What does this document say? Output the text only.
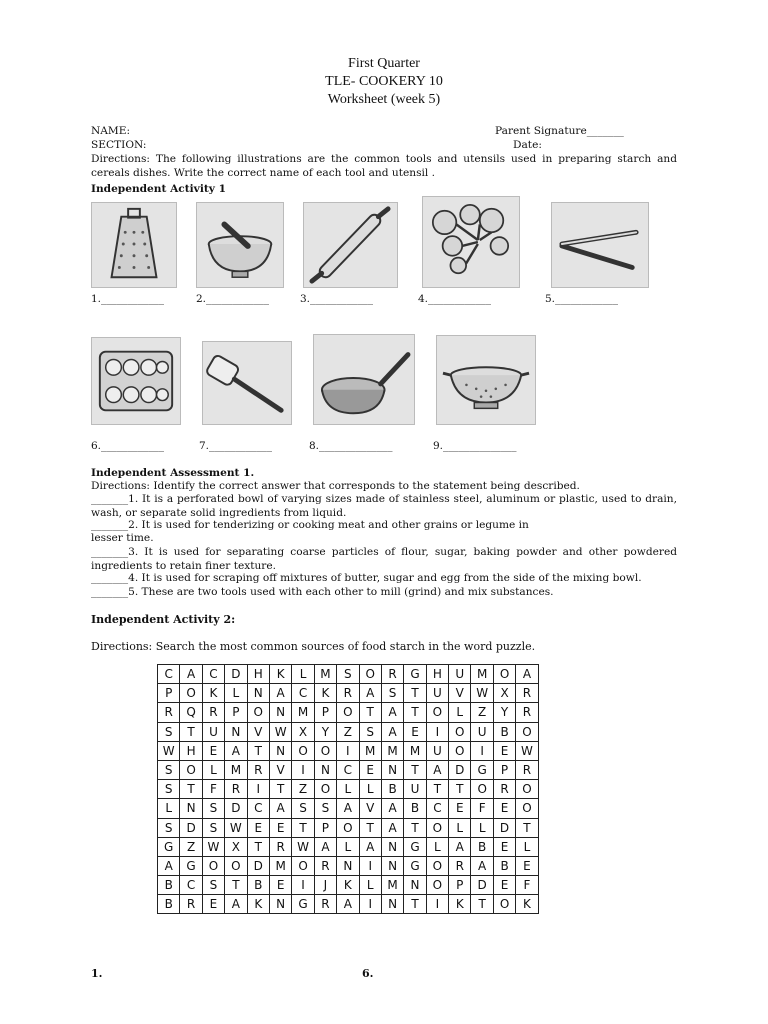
First Quarter
TLE- COOKERY 10
Worksheet (week 5)
NAME:
SECTION:
Parent Signature_______
Date:
Directions: The following illustrations are the common tools and utensils used in preparing starch and cereals dishes. Write the correct name of each tool and utensil .
Independent Activity 1
1.____________	2.____________	3.____________	4.____________	5.____________
6.____________	7.____________	8.______________	9.______________
Independent Assessment 1.
Directions: Identify the correct answer that corresponds to the statement being described.
_______1. It is a perforated bowl of varying sizes made of stainless steel, aluminum or plastic, used to drain, wash, or separate solid ingredients from liquid.
_______2. It is used for tenderizing or cooking meat and other grains or legume in
lesser time.
_______3. It is used for separating coarse particles of flour, sugar, baking powder and other powdered ingredients to retain finer texture.
_______4. It is used for scraping off mixtures of butter, sugar and egg from the side of the mixing bowl.
_______5. These are two tools used with each other to mill (grind) and mix substances.
Independent Activity 2:
Directions: Search the most common sources of food starch in the word puzzle.
C	A	C	D	H	K	L	M	S	O	R	G	H	U	M	O	A
P	O	K	L	N	A	C	K	R	A	S	T	U	V	W	X	R
R	Q	R	P	O	N	M	P	O	T	A	T	O	L	Z	Y	R
S	T	U	N	V	W	X	Y	Z	S	A	E	I	O	U	B	O
W	H	E	A	T	N	O	O	I	M	M	M	U	O	I	E	W
S	O	L	M	R	V	I	N	C	E	N	T	A	D	G	P	R
S	T	F	R	I	T	Z	O	L	L	B	U	T	T	O	R	O
L	N	S	D	C	A	S	S	A	V	A	B	C	E	F	E	O
S	D	S	W	E	E	T	P	O	T	A	T	O	L	L	D	T
G	Z	W	X	T	R	W	A	L	A	N	G	L	A	B	E	L
A	G	O	O	D	M	O	R	N	I	N	G	O	R	A	B	E
B	C	S	T	B	E	I	J	K	L	M	N	O	P	D	E	F
B	R	E	A	K	N	G	R	A	I	N	T	I	K	T	O	K
1.	6.
